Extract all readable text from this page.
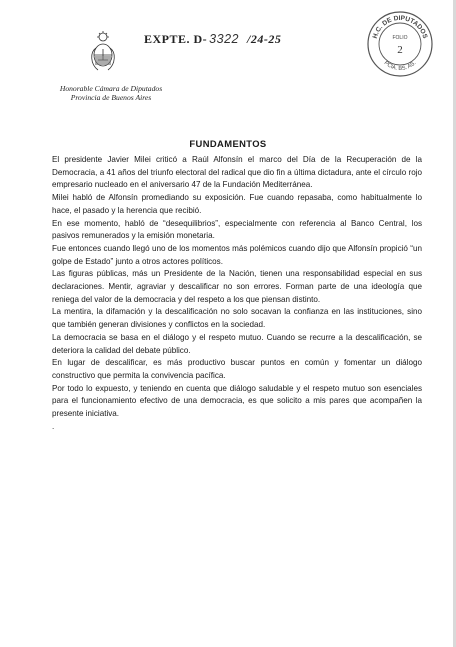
Honorable Cámara de Diputados
Provincia de Buenos Aires
EXPTE. D- 3322 /24-25	H.C. DE DIPUTADOS
PCIA. BS. AS.
FOLIO
2
FUNDAMENTOS

El presidente Javier Milei criticó a Raúl Alfonsín el marco del Día de la Recuperación de la Democracia, a 41 años del triunfo electoral del radical que dio fin a última dictadura, ante el círculo rojo empresario nucleado en el aniversario 47 de la Fundación Mediterránea.

Milei habló de Alfonsín promediando su exposición. Fue cuando repasaba, como habitualmente lo hace, el pasado y la herencia que recibió.

En ese momento, habló de “desequilibrios”, especialmente con referencia al Banco Central, los pasivos remunerados y la emisión monetaria.

Fue entonces cuando llegó uno de los momentos más polémicos cuando dijo que Alfonsín propició “un golpe de Estado” junto a otros actores políticos.

Las figuras públicas, más un Presidente de la Nación, tienen una responsabilidad especial en sus declaraciones. Mentir, agraviar y descalificar no son errores. Forman parte de una ideología que reniega del valor de la democracia y del respeto a los que piensan distinto.

La mentira, la difamación y la descalificación no solo socavan la confianza en las instituciones, sino que también generan divisiones y conflictos en la sociedad.

La democracia se basa en el diálogo y el respeto mutuo. Cuando se recurre a la descalificación, se deteriora la calidad del debate público.

En lugar de descalificar, es más productivo buscar puntos en común y fomentar un diálogo constructivo que permita la convivencia pacífica.

Por todo lo expuesto, y teniendo en cuenta que diálogo saludable y el respeto mutuo son esenciales para el funcionamiento efectivo de una democracia, es que solicito a mis pares que acompañen la presente iniciativa.

.
